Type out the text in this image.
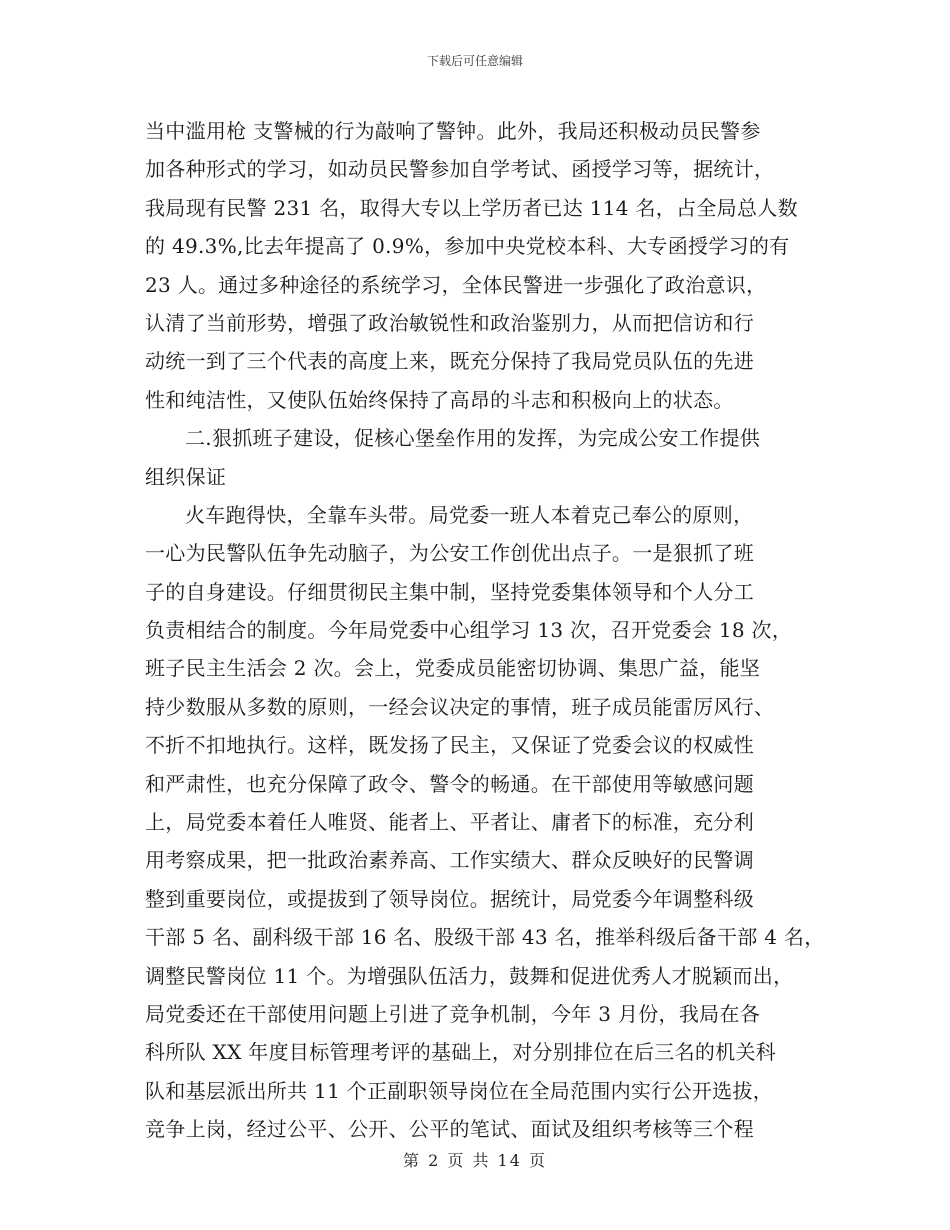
下载后可任意编辑
当中滥用枪 支警械的行为敲响了警钟。此外，我局还积极动员民警参
加各种形式的学习，如动员民警参加自学考试、函授学习等，据统计，
我局现有民警 231 名，取得大专以上学历者已达 114 名，占全局总人数
的 49.3%,比去年提高了 0.9%，参加中央党校本科、大专函授学习的有
23 人。通过多种途径的系统学习，全体民警进一步强化了政治意识，
认清了当前形势，增强了政治敏锐性和政治鉴别力，从而把信访和行
动统一到了三个代表的高度上来，既充分保持了我局党员队伍的先进
性和纯洁性，又使队伍始终保持了高昂的斗志和积极向上的状态。
二.狠抓班子建设，促核心堡垒作用的发挥，为完成公安工作提供
组织保证
火车跑得快，全靠车头带。局党委一班人本着克己奉公的原则，
一心为民警队伍争先动脑子，为公安工作创优出点子。一是狠抓了班
子的自身建设。仔细贯彻民主集中制，坚持党委集体领导和个人分工
负责相结合的制度。今年局党委中心组学习 13 次，召开党委会 18 次，
班子民主生活会 2 次。会上，党委成员能密切协调、集思广益，能坚
持少数服从多数的原则，一经会议决定的事情，班子成员能雷厉风行、
不折不扣地执行。这样，既发扬了民主，又保证了党委会议的权威性
和严肃性，也充分保障了政令、警令的畅通。在干部使用等敏感问题
上，局党委本着任人唯贤、能者上、平者让、庸者下的标准，充分利
用考察成果，把一批政治素养高、工作实绩大、群众反映好的民警调
整到重要岗位，或提拔到了领导岗位。据统计，局党委今年调整科级
干部 5 名、副科级干部 16 名、股级干部 43 名，推举科级后备干部 4 名，
调整民警岗位 11 个。为增强队伍活力，鼓舞和促进优秀人才脱颖而出，
局党委还在干部使用问题上引进了竞争机制，今年 3 月份，我局在各
科所队 XX 年度目标管理考评的基础上，对分别排位在后三名的机关科
队和基层派出所共 11 个正副职领导岗位在全局范围内实行公开选拔，
竞争上岗，经过公平、公开、公平的笔试、面试及组织考核等三个程
第 2 页 共 14 页
